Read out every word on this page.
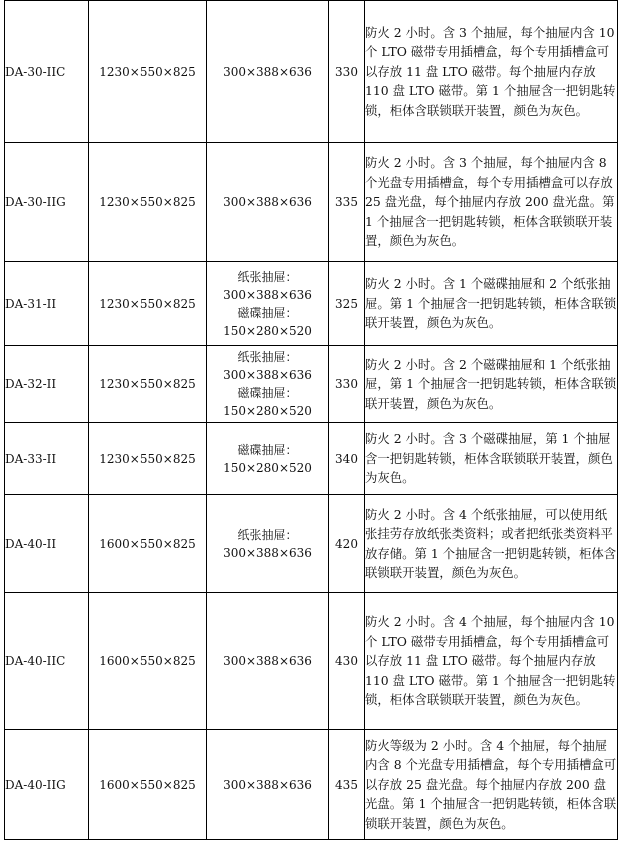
DA-30-IIC	1230×550×825	300×388×636	330	防火 2 小时。含 3 个抽屉，每个抽屉内含 10 个 LTO 磁带专用插槽盒，每个专用插槽盒可以存放 11 盘 LTO 磁带。每个抽屉内存放 110 盘 LTO 磁带。第 1 个抽屉含一把钥匙转锁，柜体含联锁联开装置，颜色为灰色。

DA-30-IIG	1230×550×825	300×388×636	335	防火 2 小时。含 3 个抽屉，每个抽屉内含 8 个光盘专用插槽盒，每个专用插槽盒可以存放 25 盘光盘，每个抽屉内存放 200 盘光盘。第 1 个抽屉含一把钥匙转锁，柜体含联锁联开装置，颜色为灰色。

DA-31-II	1230×550×825	纸张抽屉：
300×388×636
磁碟抽屉：
150×280×520	325	防火 2 小时。含 1 个磁碟抽屉和 2 个纸张抽屉。第 1 个抽屉含一把钥匙转锁，柜体含联锁联开装置，颜色为灰色。

DA-32-II	1230×550×825	纸张抽屉：
300×388×636
磁碟抽屉：
150×280×520	330	防火 2 小时。含 2 个磁碟抽屉和 1 个纸张抽屉，第 1 个抽屉含一把钥匙转锁，柜体含联锁联开装置，颜色为灰色。

DA-33-II	1230×550×825	磁碟抽屉：
150×280×520	340	防火 2 小时。含 3 个磁碟抽屉，第 1 个抽屉含一把钥匙转锁，柜体含联锁联开装置，颜色为灰色。

DA-40-II	1600×550×825	纸张抽屉：
300×388×636	420	防火 2 小时。含 4 个纸张抽屉，可以使用纸张挂劳存放纸张类资料；或者把纸张类资料平放存储。第 1 个抽屉含一把钥匙转锁，柜体含联锁联开装置，颜色为灰色。

DA-40-IIC	1600×550×825	300×388×636	430	防火 2 小时。含 4 个抽屉，每个抽屉内含 10 个 LTO 磁带专用插槽盒，每个专用插槽盒可以存放 11 盘 LTO 磁带。每个抽屉内存放 110 盘 LTO 磁带。第 1 个抽屉含一把钥匙转锁，柜体含联锁联开装置，颜色为灰色。

DA-40-IIG	1600×550×825	300×388×636	435	防火等级为 2 小时。含 4 个抽屉，每个抽屉内含 8 个光盘专用插槽盒，每个专用插槽盒可以存放 25 盘光盘。每个抽屉内存放 200 盘光盘。第 1 个抽屉含一把钥匙转锁，柜体含联锁联开装置，颜色为灰色。
